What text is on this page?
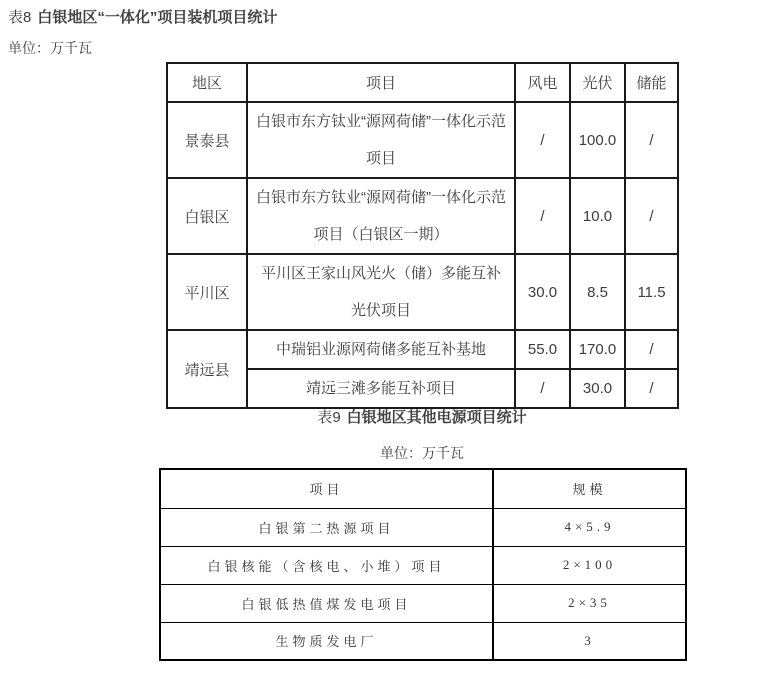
表8 白银地区“一体化”项目装机项目统计
单位：万千瓦
地区	项目	风电	光伏	储能
景泰县	白银市东方钛业“源网荷储”一体化示范项目	/	100.0	/
白银区	白银市东方钛业“源网荷储”一体化示范项目（白银区一期）	/	10.0	/
平川区	平川区王家山风光火（储）多能互补光伏项目	30.0	8.5	11.5
靖远县	中瑞铝业源网荷储多能互补基地	55.0	170.0	/
	靖远三滩多能互补项目	/	30.0	/
表9 白银地区其他电源项目统计
单位：万千瓦
项目	规模
白银第二热源项目	4×5.9
白银核能（含核电、小堆）项目	2×100
白银低热值煤发电项目	2×35
生物质发电厂	3
